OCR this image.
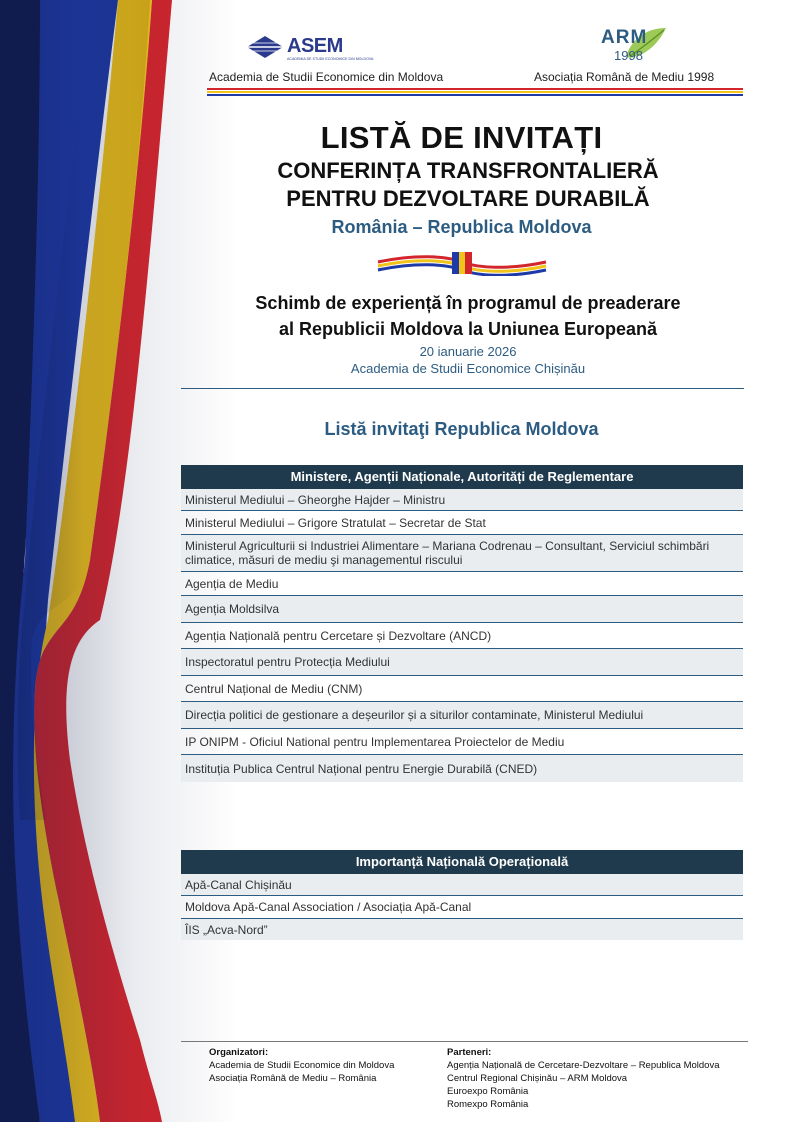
ASEM
ACADEMIA DE STUDII ECONOMICE DIN MOLDOVA
Academia de Studii Economice din Moldova
ARM
1998
Asociația Română de Mediu 1998
LISTĂ DE INVITAȚI
CONFERINȚA TRANSFRONTALIERĂ
PENTRU DEZVOLTARE DURABILĂ
România – Republica Moldova
Schimb de experiență în programul de preaderare
al Republicii Moldova la Uniunea Europeană
20 ianuarie 2026
Academia de Studii Economice Chișinău
Listă invitaţi Republica Moldova
Ministere, Agenții Naționale, Autorități de Reglementare
Ministerul Mediului – Gheorghe Hajder – Ministru
Ministerul Mediului – Grigore Stratulat – Secretar de Stat
Ministerul Agriculturii si Industriei Alimentare – Mariana Codrenau – Consultant, Serviciul schimbări climatice, măsuri de mediu şi managementul riscului
Agenția de Mediu
Agenția Moldsilva
Agenția Națională pentru Cercetare și Dezvoltare (ANCD)
Inspectoratul pentru Protecția Mediului
Centrul Național de Mediu (CNM)
Direcția politici de gestionare a deșeurilor și a siturilor contaminate, Ministerul Mediului
IP ONIPM - Oficiul National pentru Implementarea Proiectelor de Mediu
Instituția Publica Centrul Național pentru Energie Durabilă (CNED)
Importanță Națională Operațională
Apă-Canal Chișinău
Moldova Apă-Canal Association / Asociația Apă-Canal
ÎIS „Acva-Nord”
Organizatori:
Academia de Studii Economice din Moldova
Asociația Română de Mediu – România
Parteneri:
Agenția Națională de Cercetare-Dezvoltare – Republica Moldova
Centrul Regional Chișinău – ARM Moldova
Euroexpo România
Romexpo România
